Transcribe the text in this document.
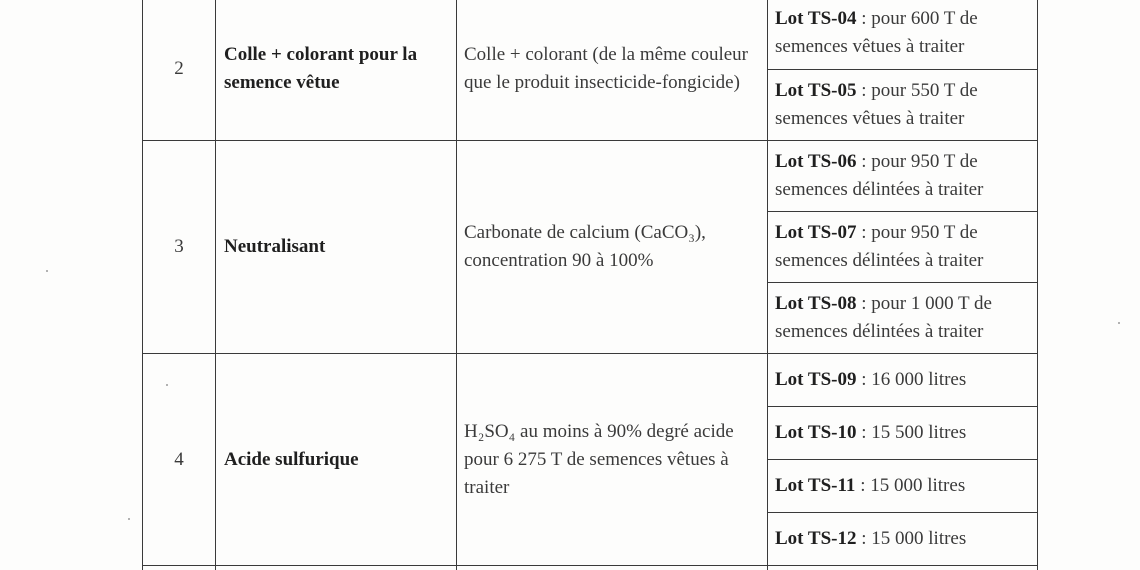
2	Colle + colorant pour la semence vêtue	Colle + colorant (de la même couleur que le produit insecticide-fongicide)	Lot TS-04 : pour 600 T de semences vêtues à traiter
			Lot TS-05 : pour 550 T de semences vêtues à traiter
3	Neutralisant	Carbonate de calcium (CaCO₃), concentration 90 à 100%	Lot TS-06 : pour 950 T de semences délintées à traiter
			Lot TS-07 : pour 950 T de semences délintées à traiter
			Lot TS-08 : pour 1 000 T de semences délintées à traiter
4	Acide sulfurique	H₂SO₄ au moins à 90% degré acide pour 6 275 T de semences vêtues à traiter	Lot TS-09 : 16 000 litres
			Lot TS-10 : 15 500 litres
			Lot TS-11 : 15 000 litres
			Lot TS-12 : 15 000 litres
